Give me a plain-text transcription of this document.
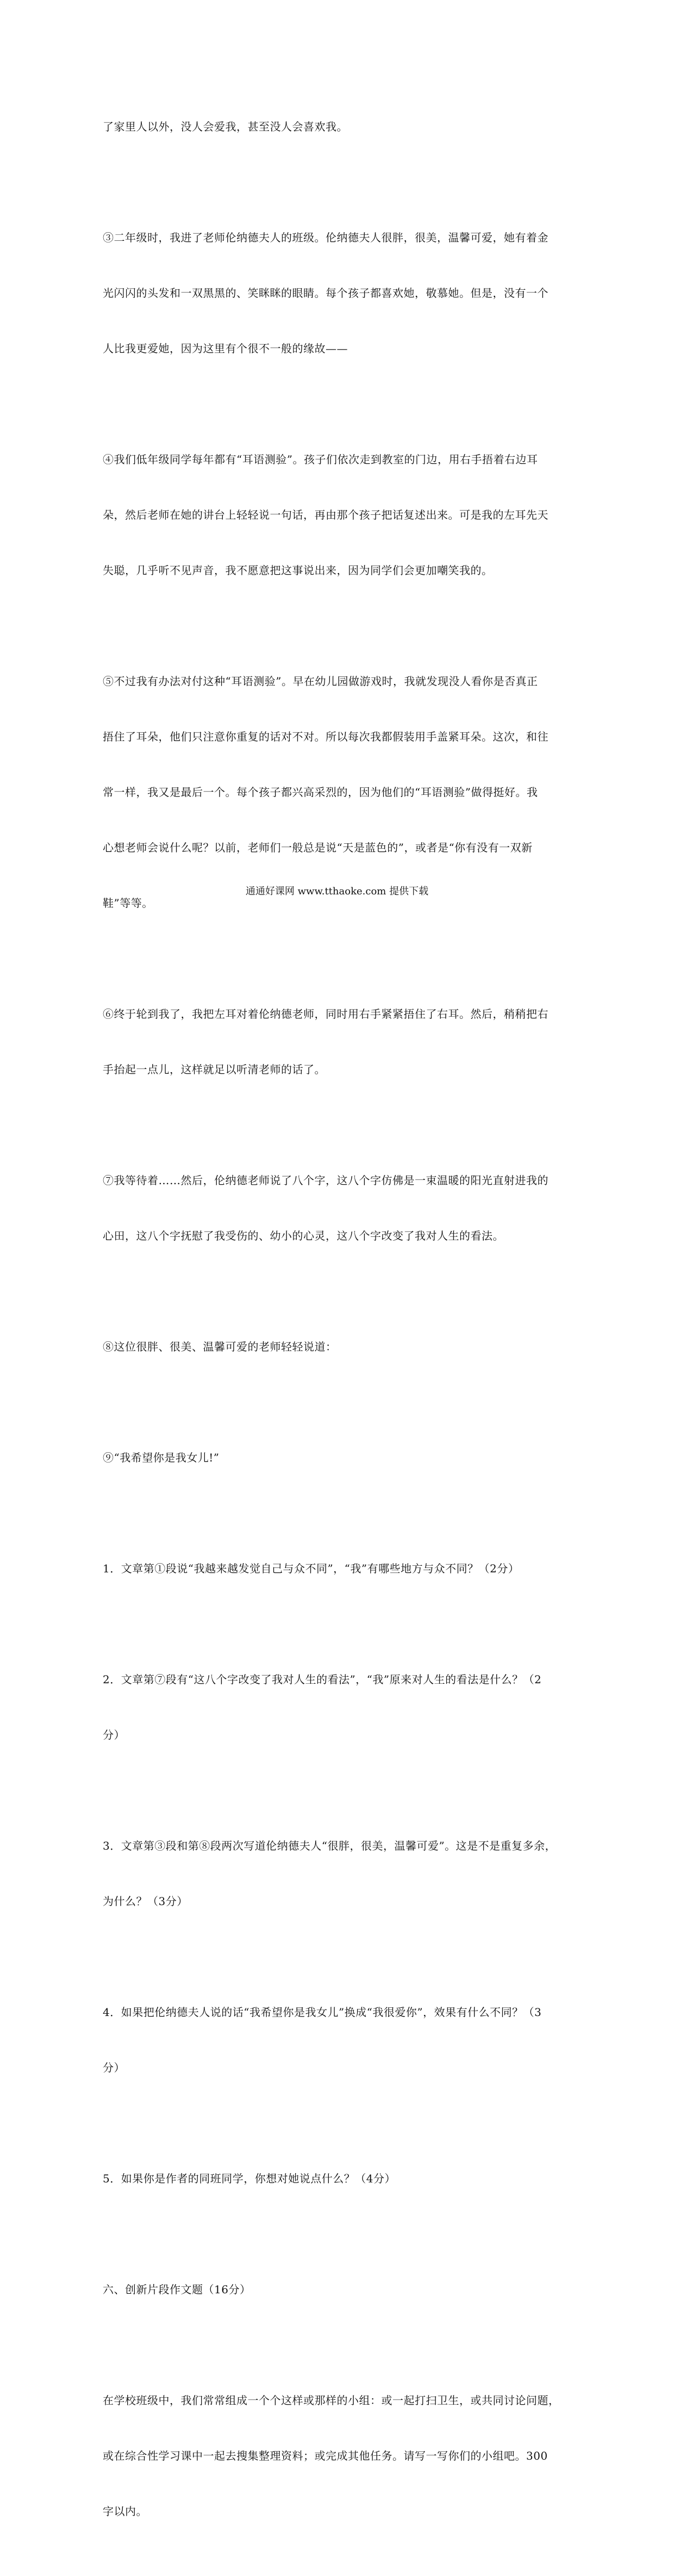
了家里人以外，没人会爱我，甚至没人会喜欢我。

③二年级时，我进了老师伦纳德夫人的班级。伦纳德夫人很胖，很美，温馨可爱，她有着金

光闪闪的头发和一双黑黑的、笑眯眯的眼睛。每个孩子都喜欢她，敬慕她。但是，没有一个

人比我更爱她，因为这里有个很不一般的缘故——

④我们低年级同学每年都有“耳语测验”。孩子们依次走到教室的门边，用右手捂着右边耳

朵，然后老师在她的讲台上轻轻说一句话，再由那个孩子把话复述出来。可是我的左耳先天

失聪，几乎听不见声音，我不愿意把这事说出来，因为同学们会更加嘲笑我的。

⑤不过我有办法对付这种“耳语测验”。早在幼儿园做游戏时，我就发现没人看你是否真正

捂住了耳朵，他们只注意你重复的话对不对。所以每次我都假装用手盖紧耳朵。这次，和往

常一样，我又是最后一个。每个孩子都兴高采烈的，因为他们的“耳语测验”做得挺好。我

心想老师会说什么呢？以前，老师们一般总是说“天是蓝色的”，或者是“你有没有一双新

鞋”等等。

⑥终于轮到我了，我把左耳对着伦纳德老师，同时用右手紧紧捂住了右耳。然后，稍稍把右

手抬起一点儿，这样就足以听清老师的话了。

⑦我等待着……然后，伦纳德老师说了八个字，这八个字仿佛是一束温暖的阳光直射进我的

心田，这八个字抚慰了我受伤的、幼小的心灵，这八个字改变了我对人生的看法。

⑧这位很胖、很美、温馨可爱的老师轻轻说道：

⑨“我希望你是我女儿!”

1．文章第①段说“我越来越发觉自己与众不同”，“我”有哪些地方与众不同？（2分）

2．文章第⑦段有“这八个字改变了我对人生的看法”，“我”原来对人生的看法是什么？（2

分）

3．文章第③段和第⑧段两次写道伦纳德夫人“很胖，很美，温馨可爱”。这是不是重复多余，

为什么？（3分）

4．如果把伦纳德夫人说的话“我希望你是我女儿”换成“我很爱你”，效果有什么不同？（3

分）

5．如果你是作者的同班同学，你想对她说点什么？（4分）

六、创新片段作文题（16分）

在学校班级中，我们常常组成一个个这样或那样的小组：或一起打扫卫生，或共同讨论问题，

或在综合性学习课中一起去搜集整理资料；或完成其他任务。请写一写你们的小组吧。300

字以内。

通通好课网 www.tthaoke.com 提供下载
